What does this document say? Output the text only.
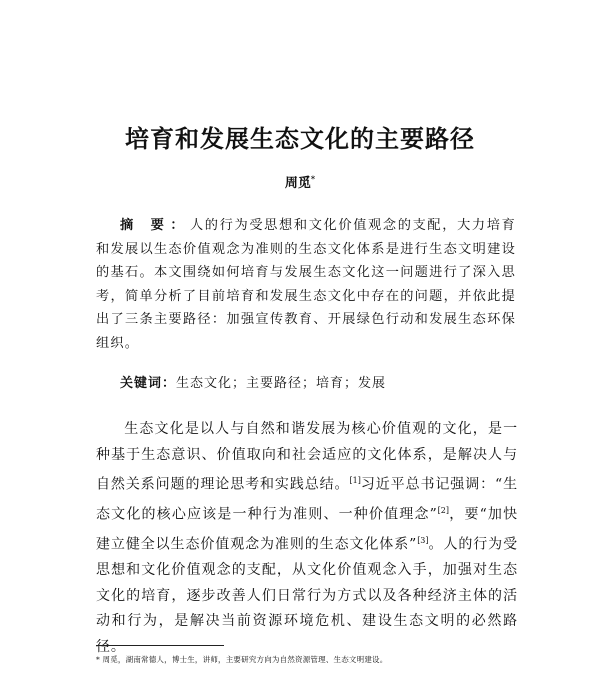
培育和发展生态文化的主要路径
周觅*

摘 要：人的行为受思想和文化价值观念的支配，大力培育和发展以生态价值观念为准则的生态文化体系是进行生态文明建设的基石。本文围绕如何培育与发展生态文化这一问题进行了深入思考，简单分析了目前培育和发展生态文化中存在的问题，并依此提出了三条主要路径：加强宣传教育、开展绿色行动和发展生态环保组织。

关键词：生态文化；主要路径；培育；发展

生态文化是以人与自然和谐发展为核心价值观的文化，是一种基于生态意识、价值取向和社会适应的文化体系，是解决人与自然关系问题的理论思考和实践总结。[1]习近平总书记强调：“生态文化的核心应该是一种行为准则、一种价值理念”[2]，要“加快建立健全以生态价值观念为准则的生态文化体系”[3]。人的行为受思想和文化价值观念的支配，从文化价值观念入手，加强对生态文化的培育，逐步改善人们日常行为方式以及各种经济主体的活动和行为，是解决当前资源环境危机、建设生态文明的必然路径。

* 周觅，湖南常德人，博士生，讲师，主要研究方向为自然资源管理、生态文明建设。
